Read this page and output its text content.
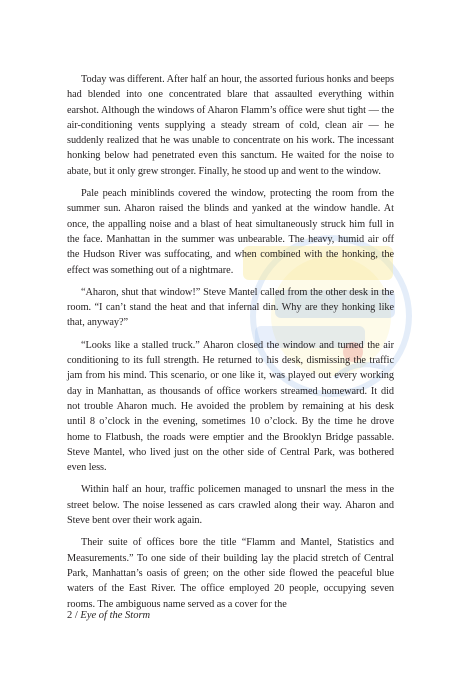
Today was different. After half an hour, the assorted furious honks and beeps had blended into one concentrated blare that assaulted everything within earshot. Although the windows of Aharon Flamm’s office were shut tight — the air-conditioning vents supplying a steady stream of cold, clean air — he suddenly realized that he was unable to concentrate on his work. The incessant honking below had penetrated even this sanctum. He waited for the noise to abate, but it only grew stronger. Finally, he stood up and went to the window.

Pale peach miniblinds covered the window, protecting the room from the summer sun. Aharon raised the blinds and yanked at the window handle. At once, the appalling noise and a blast of heat simultaneously struck him full in the face. Manhattan in the summer was unbearable. The heavy, humid air off the Hudson River was suffocating, and when combined with the honking, the effect was something out of a nightmare.

“Aharon, shut that window!” Steve Mantel called from the other desk in the room. “I can’t stand the heat and that infernal din. Why are they honking like that, anyway?”

“Looks like a stalled truck.” Aharon closed the window and turned the air conditioning to its full strength. He returned to his desk, dismissing the traffic jam from his mind. This scenario, or one like it, was played out every working day in Manhattan, as thousands of office workers streamed homeward. It did not trouble Aharon much. He avoided the problem by remaining at his desk until 8 o’clock in the evening, sometimes 10 o’clock. By the time he drove home to Flatbush, the roads were emptier and the Brooklyn Bridge passable. Steve Mantel, who lived just on the other side of Central Park, was bothered even less.

Within half an hour, traffic policemen managed to unsnarl the mess in the street below. The noise lessened as cars crawled along their way. Aharon and Steve bent over their work again.

Their suite of offices bore the title “Flamm and Mantel, Statistics and Measurements.” To one side of their building lay the placid stretch of Central Park, Manhattan’s oasis of green; on the other side flowed the peaceful blue waters of the East River. The office employed 20 people, occupying seven rooms. The ambiguous name served as a cover for the

2 / Eye of the Storm
